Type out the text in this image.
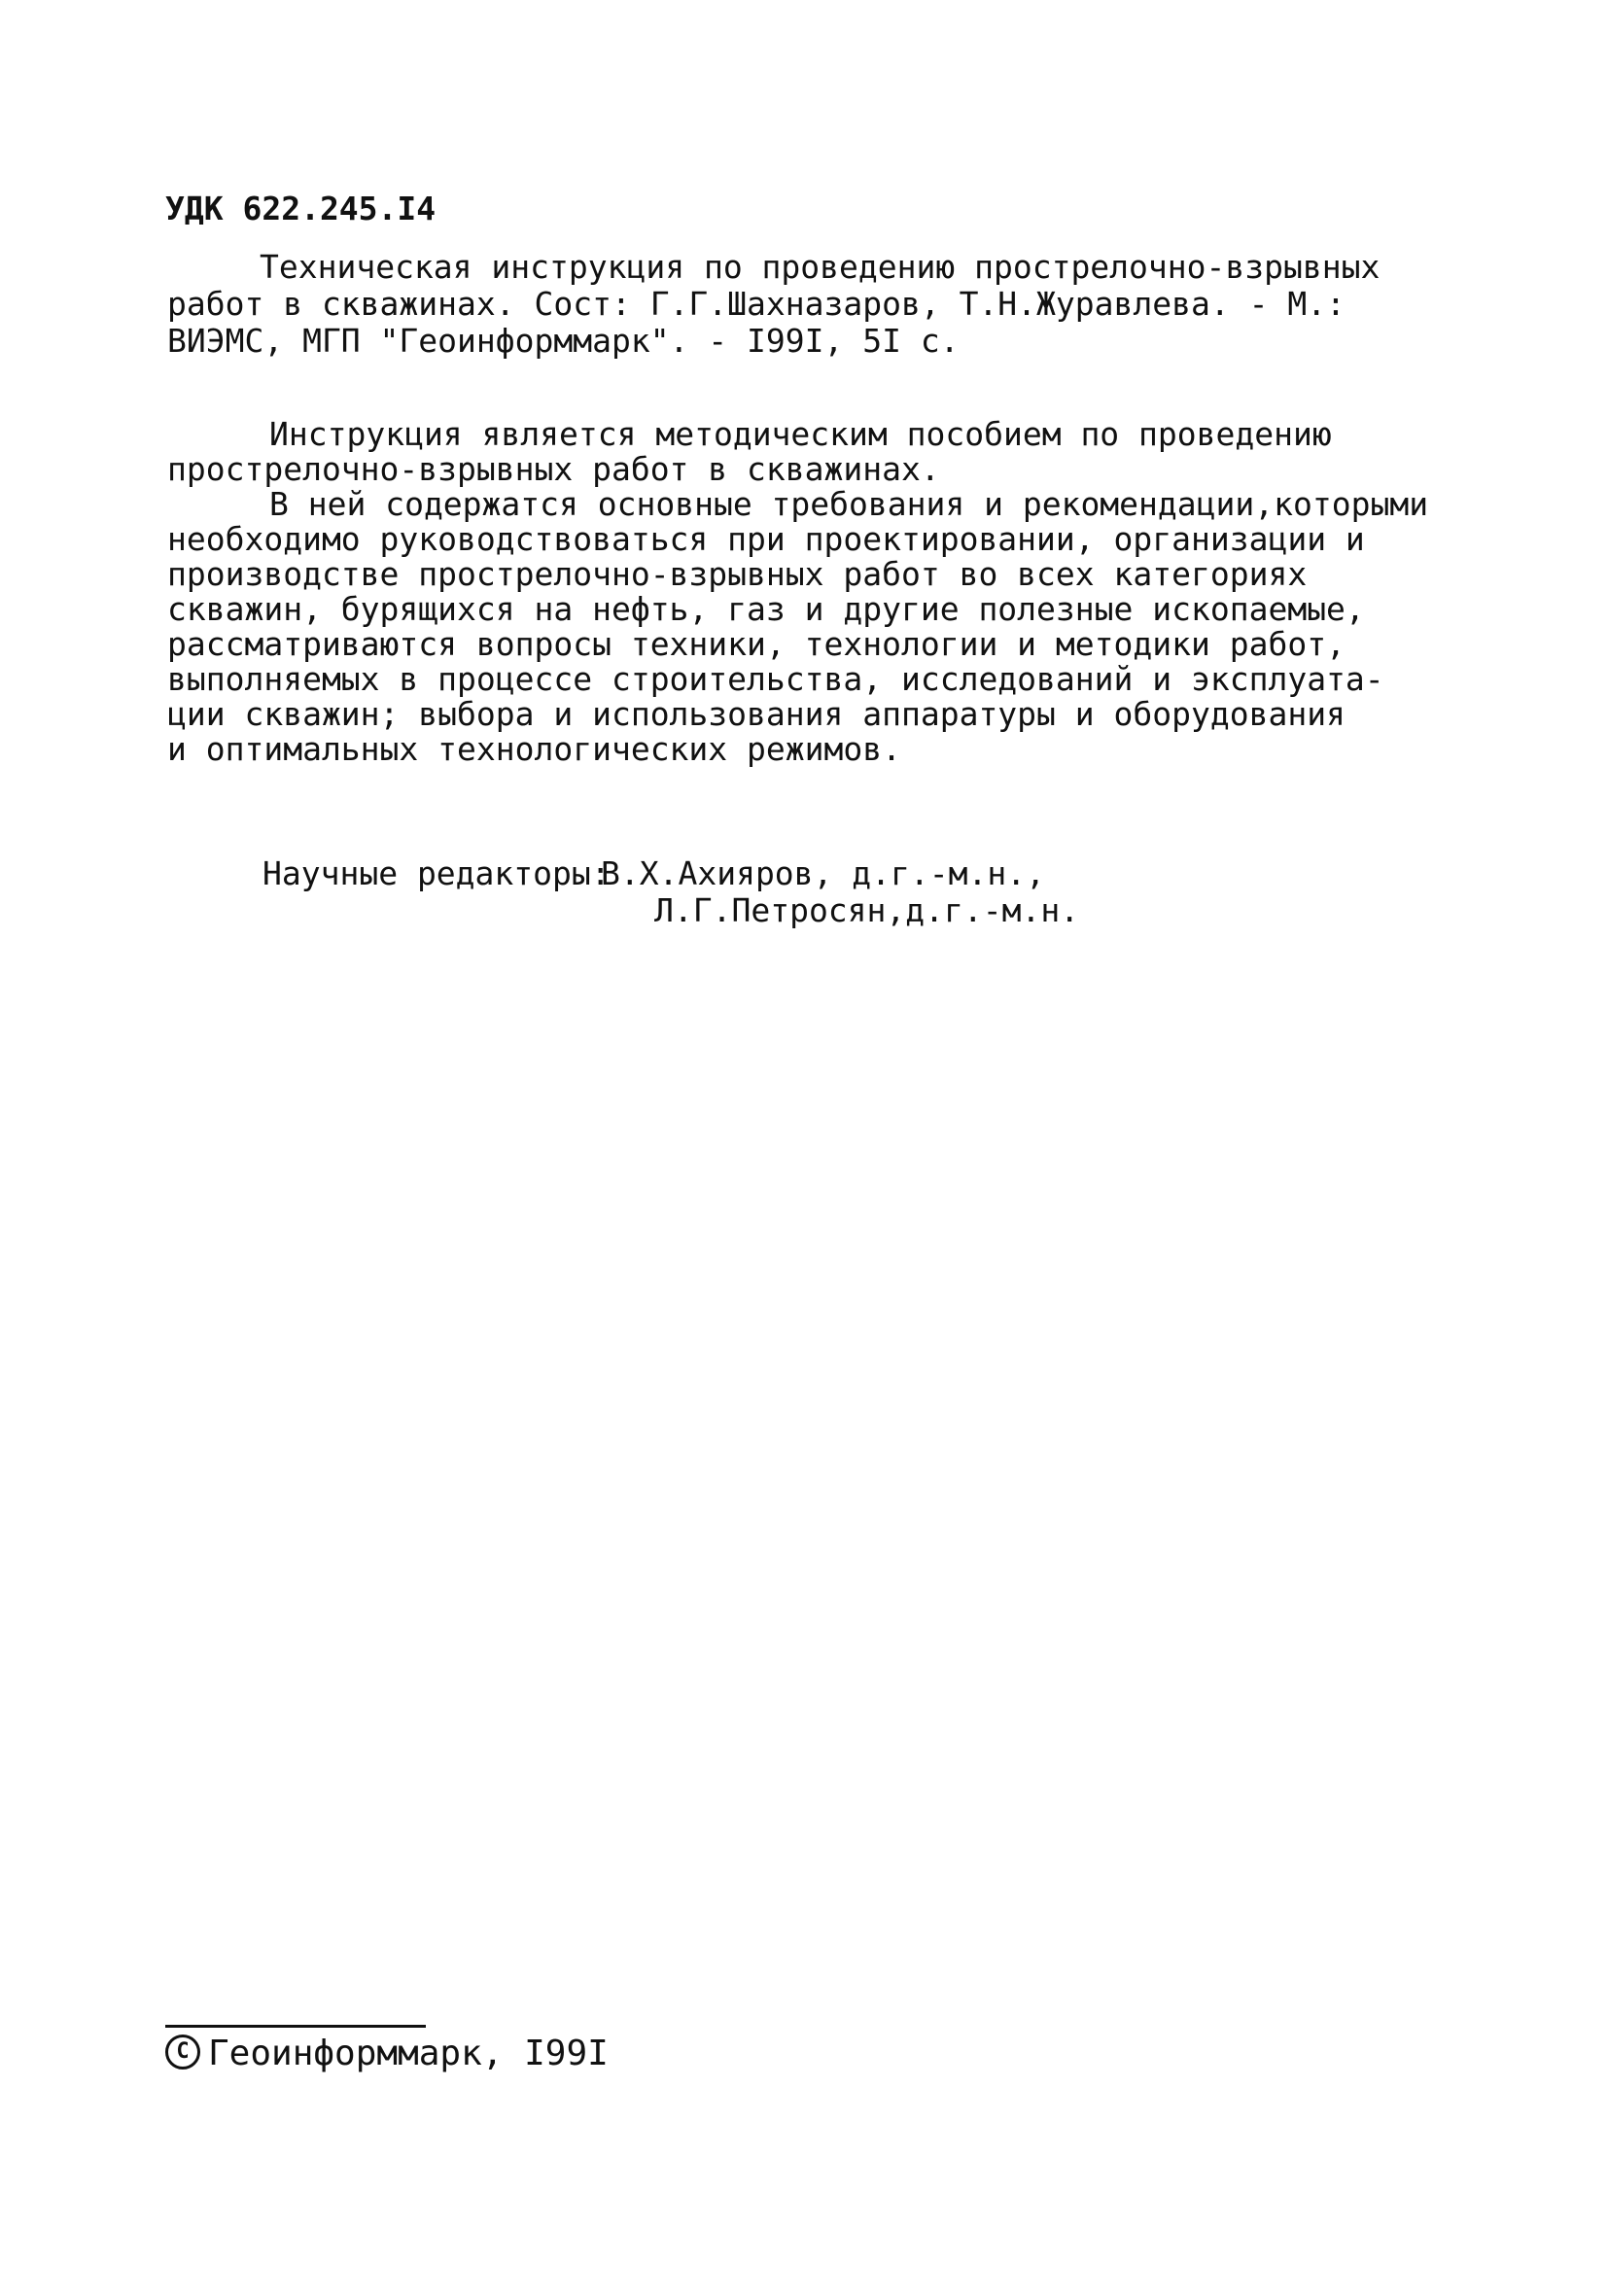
УДК 622.245.I4

Техническая инструкция по проведению прострелочно-взрывных

работ в скважинах. Сост: Г.Г.Шахназаров, Т.Н.Журавлева. - М.:

ВИЭМС, МГП "Геоинформмарк". - I99I, 5I с.

Инструкция является методическим пособием по проведению

прострелочно-взрывных работ в скважинах.

В ней содержатся основные требования и рекомендации,которыми

необходимо руководствоваться при проектировании, организации и

производстве прострелочно-взрывных работ во всех категориях

скважин, бурящихся на нефть, газ и другие полезные ископаемые,

рассматриваются вопросы техники, технологии и методики работ,

выполняемых в процессе строительства, исследований и эксплуата-

ции скважин; выбора и использования аппаратуры и оборудования

и оптимальных технологических режимов.

Научные редакторы:

В.Х.Ахияров, д.г.-м.н.,

Л.Г.Петросян,д.г.-м.н.

C Геоинформмарк, I99I
